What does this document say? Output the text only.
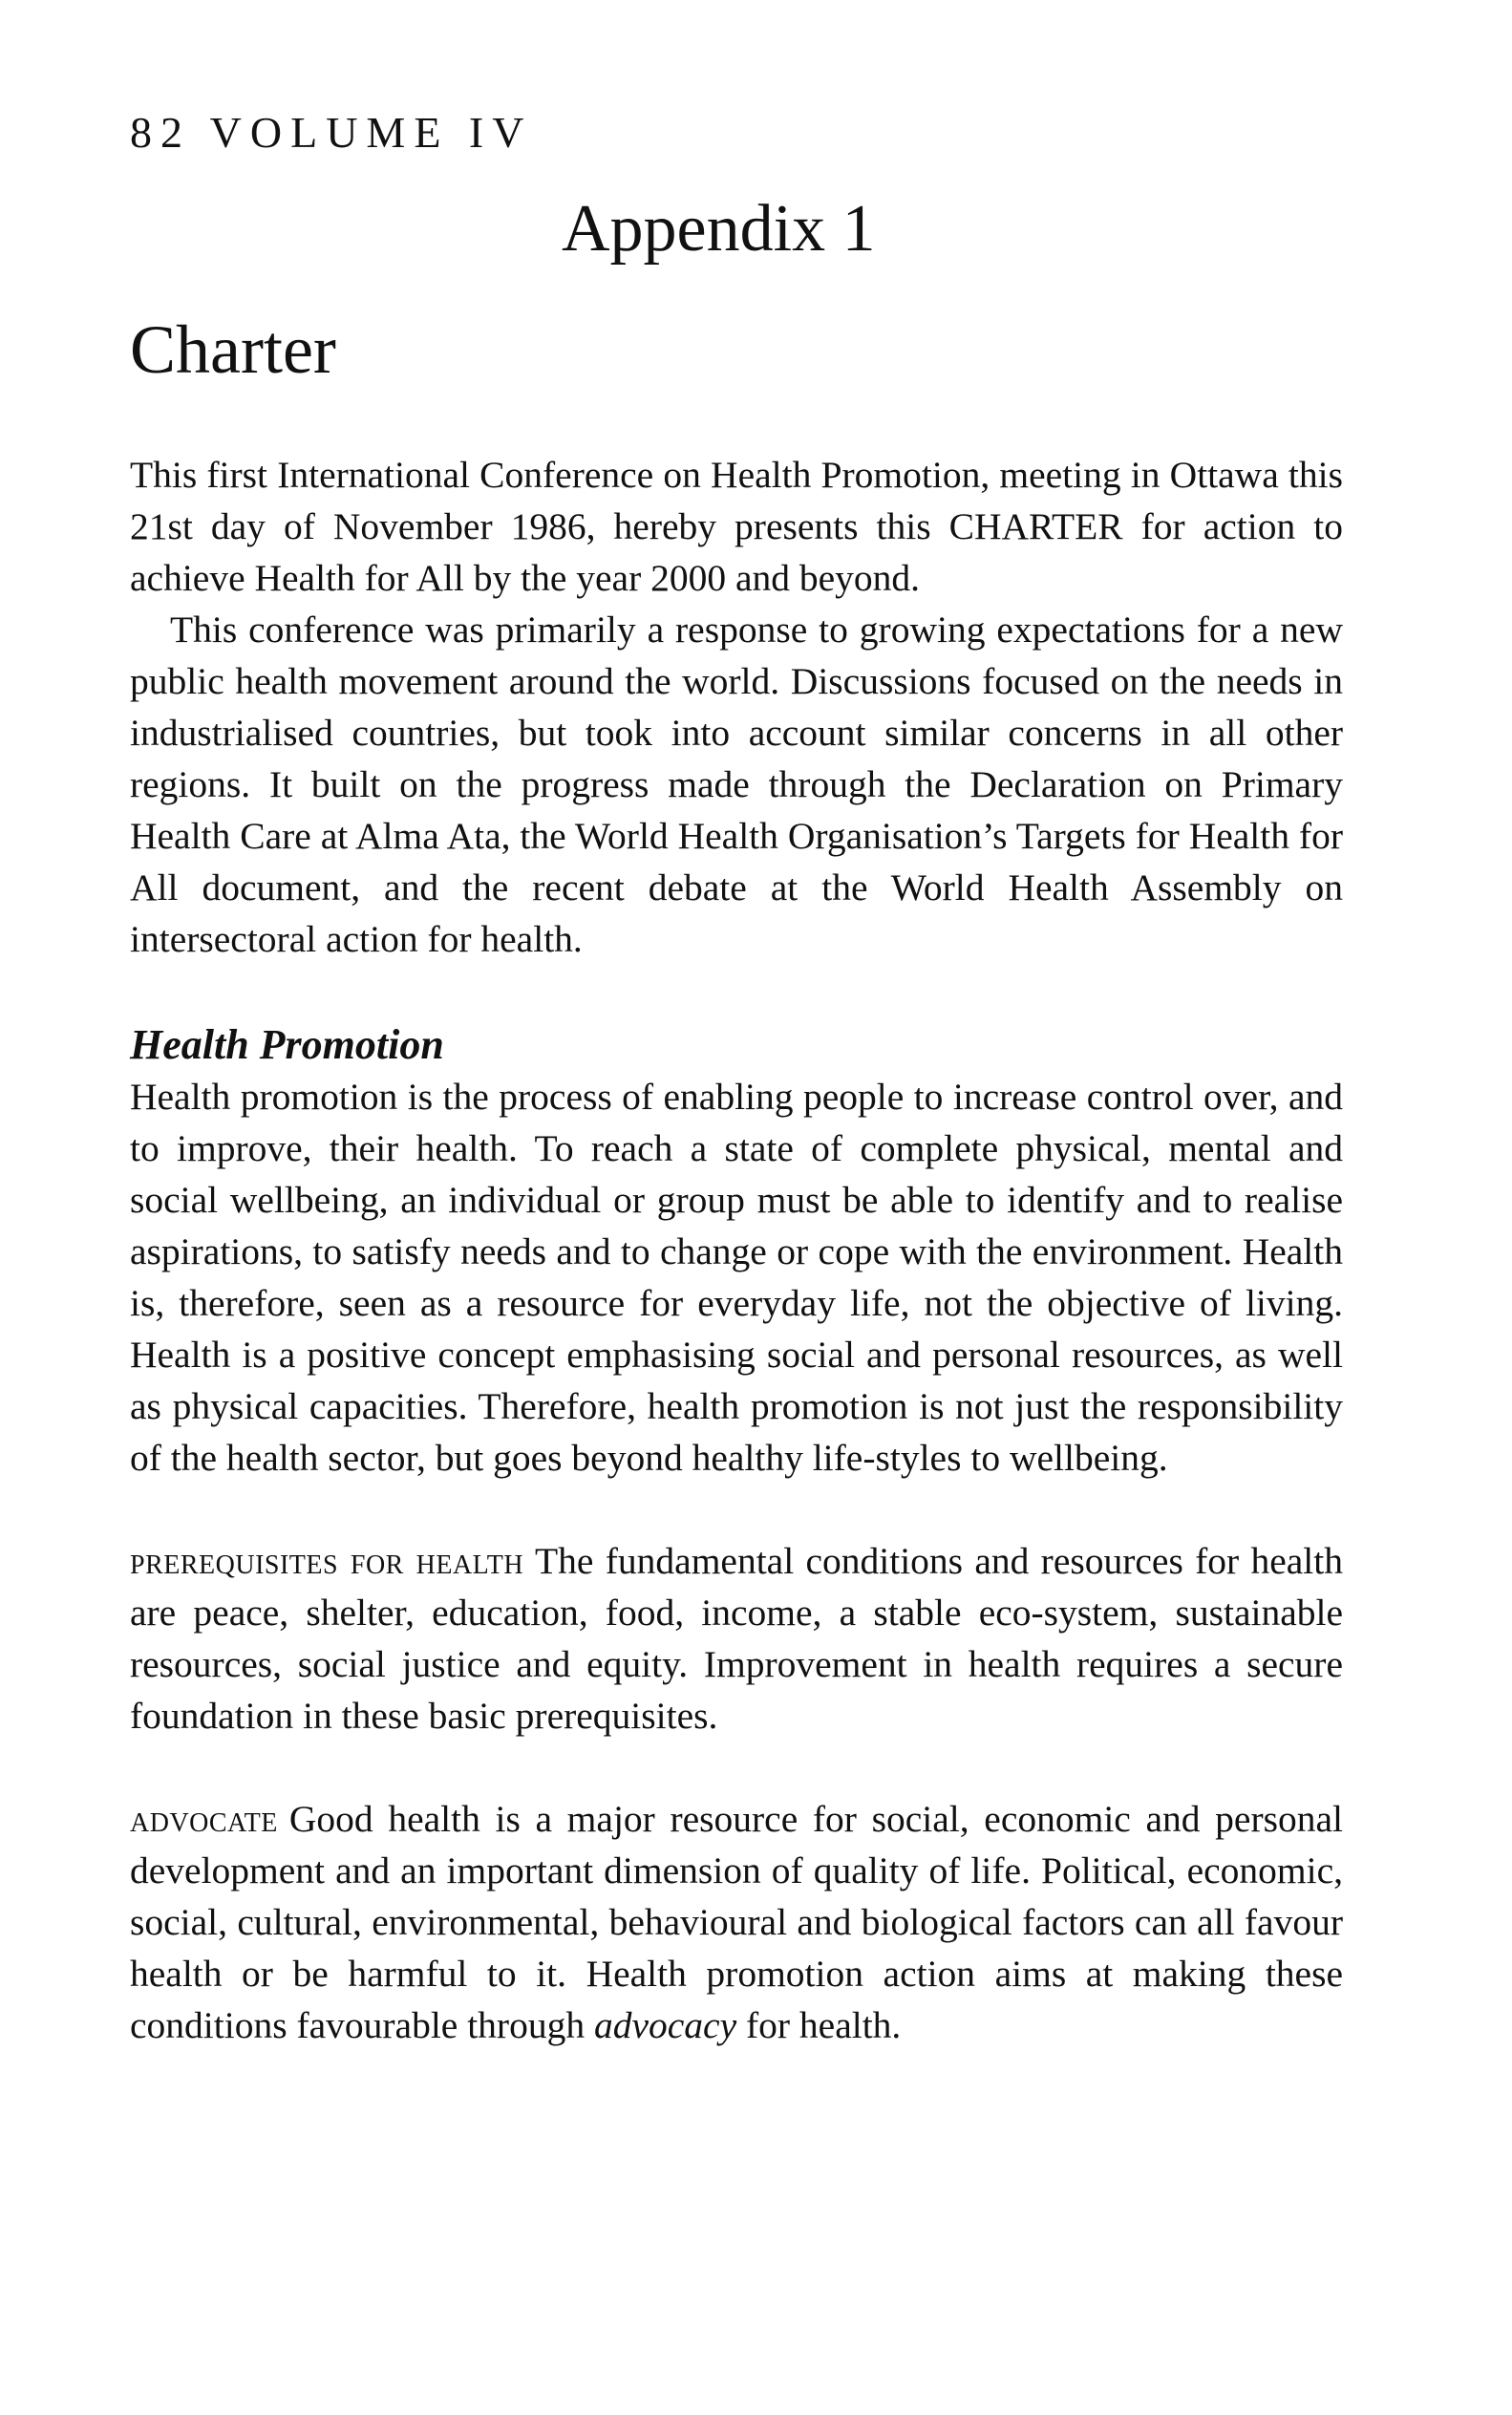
82 VOLUME IV
Appendix 1
Charter

This first International Conference on Health Promotion, meeting in Ottawa this 21st day of November 1986, hereby presents this CHARTER for action to achieve Health for All by the year 2000 and beyond.

This conference was primarily a response to growing expectations for a new public health movement around the world. Discussions focused on the needs in industrialised countries, but took into account similar concerns in all other regions. It built on the progress made through the Declaration on Primary Health Care at Alma Ata, the World Health Organisation’s Targets for Health for All document, and the recent debate at the World Health Assembly on intersectoral action for health.

Health Promotion

Health promotion is the process of enabling people to increase control over, and to improve, their health. To reach a state of complete physical, mental and social wellbeing, an individual or group must be able to identify and to realise aspirations, to satisfy needs and to change or cope with the environment. Health is, therefore, seen as a resource for everyday life, not the objective of living. Health is a positive concept emphasising social and personal resources, as well as physical capacities. Therefore, health promotion is not just the responsibility of the health sector, but goes beyond healthy life-styles to wellbeing.

prerequisites for health The fundamental conditions and resources for health are peace, shelter, education, food, income, a stable eco-system, sustainable resources, social justice and equity. Improvement in health requires a secure foundation in these basic prerequisites.

advocate Good health is a major resource for social, economic and personal development and an important dimension of quality of life. Political, economic, social, cultural, environmental, behavioural and biological factors can all favour health or be harmful to it. Health promotion action aims at making these conditions favourable through advocacy for health.
